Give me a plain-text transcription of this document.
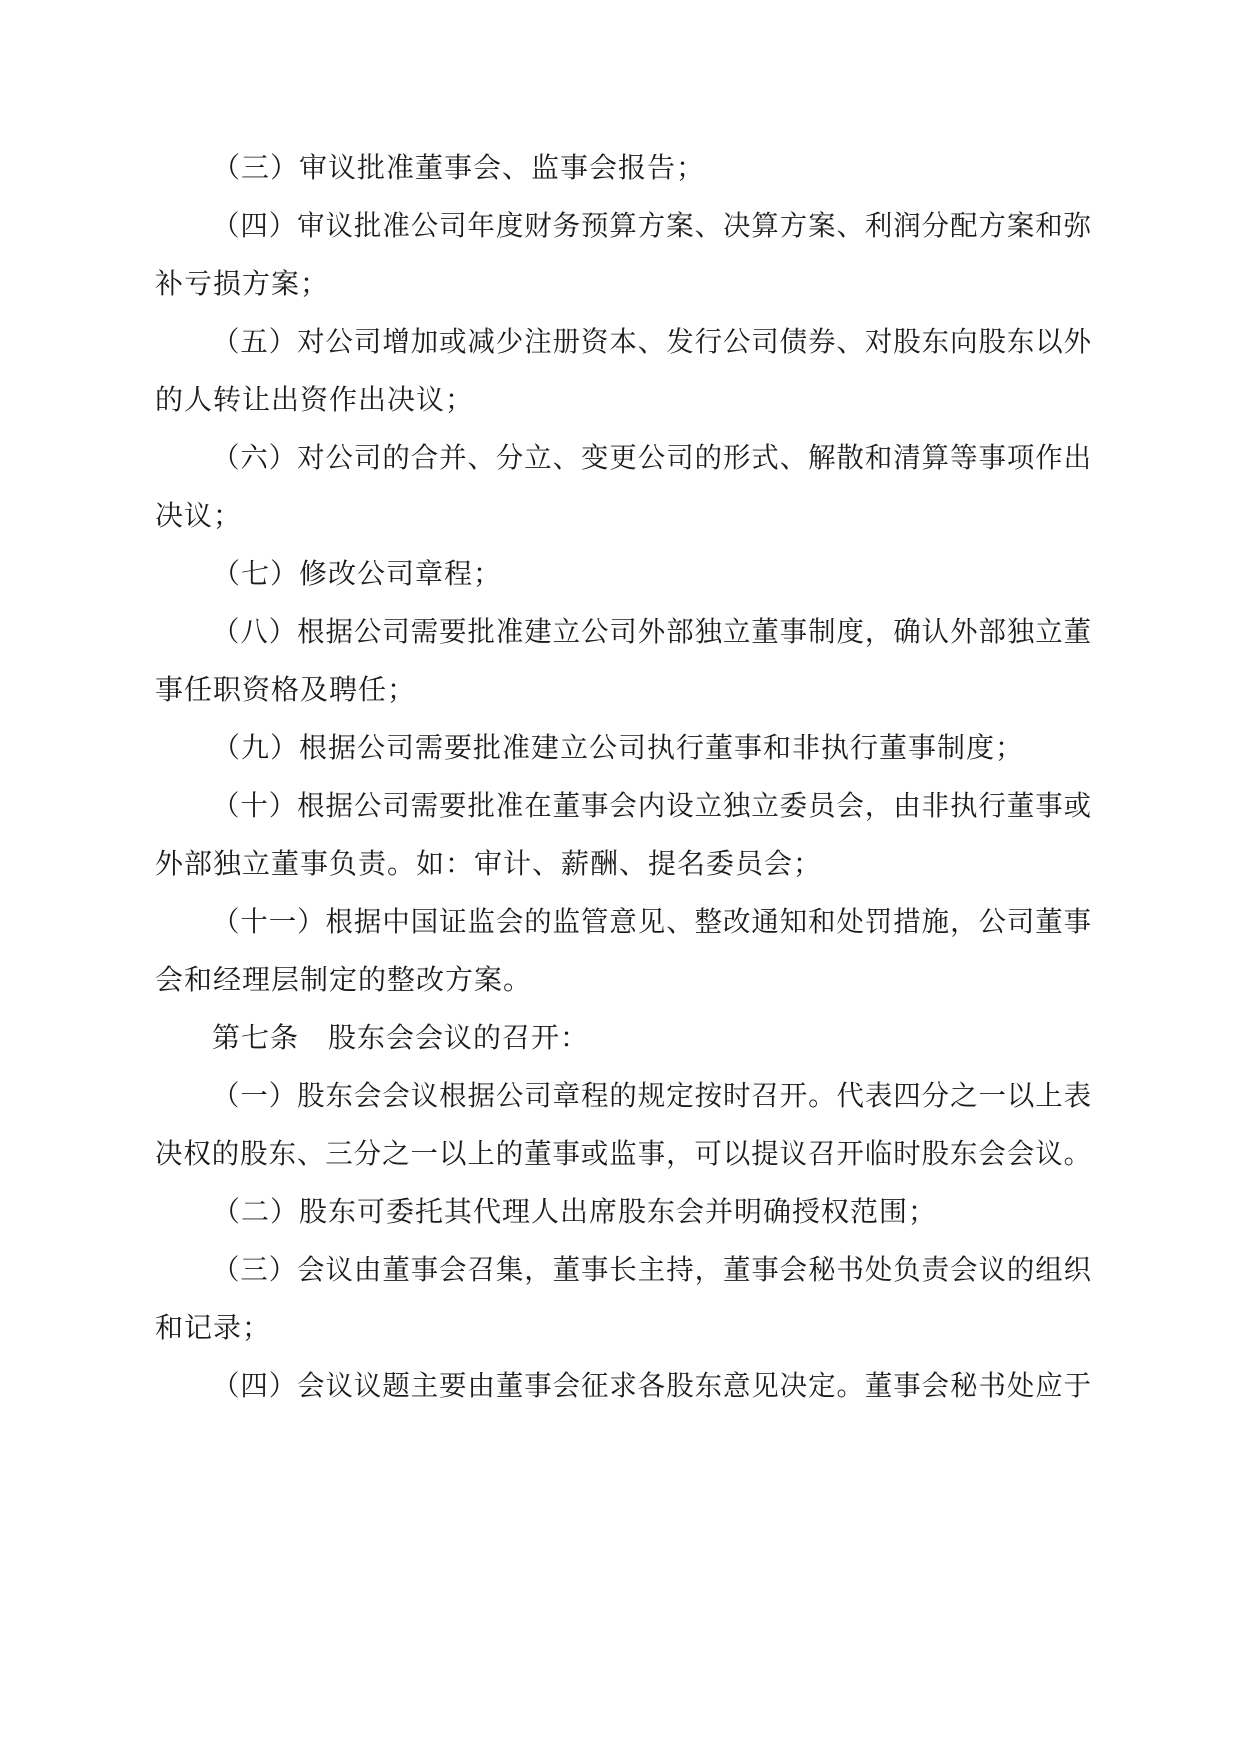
（三）审议批准董事会、监事会报告；
（四）审议批准公司年度财务预算方案、决算方案、利润分配方案和弥
补亏损方案；
（五）对公司增加或减少注册资本、发行公司债券、对股东向股东以外
的人转让出资作出决议；
（六）对公司的合并、分立、变更公司的形式、解散和清算等事项作出
决议；
（七）修改公司章程；
（八）根据公司需要批准建立公司外部独立董事制度，确认外部独立董
事任职资格及聘任；
（九）根据公司需要批准建立公司执行董事和非执行董事制度；
（十）根据公司需要批准在董事会内设立独立委员会，由非执行董事或
外部独立董事负责。如：审计、薪酬、提名委员会；
（十一）根据中国证监会的监管意见、整改通知和处罚措施，公司董事
会和经理层制定的整改方案。
第七条　股东会会议的召开：
（一）股东会会议根据公司章程的规定按时召开。代表四分之一以上表
决权的股东、三分之一以上的董事或监事，可以提议召开临时股东会会议。
（二）股东可委托其代理人出席股东会并明确授权范围；
（三）会议由董事会召集，董事长主持，董事会秘书处负责会议的组织
和记录；
（四）会议议题主要由董事会征求各股东意见决定。董事会秘书处应于
